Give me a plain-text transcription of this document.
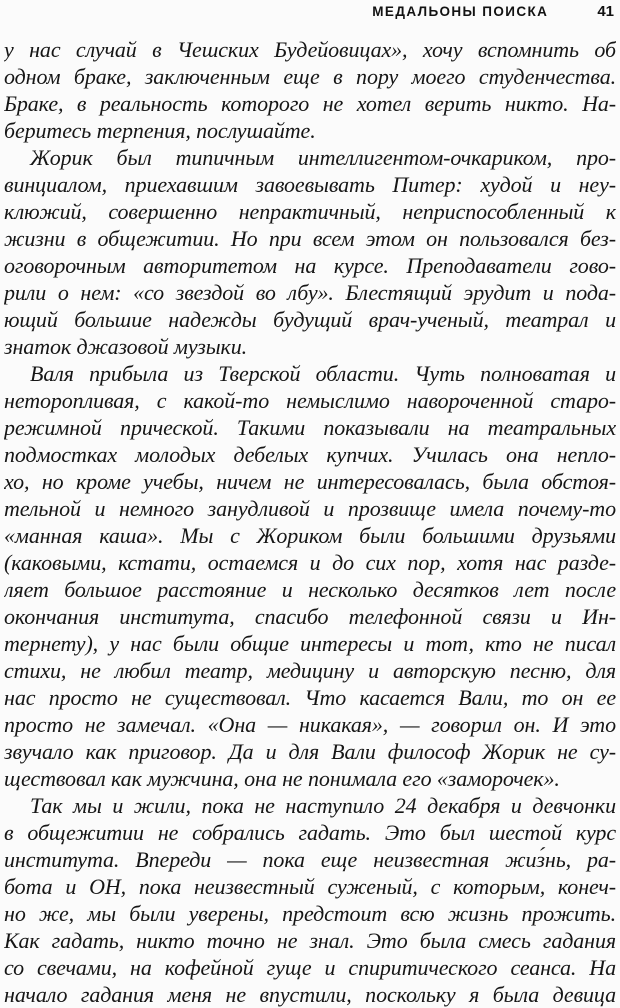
МЕДАЛЬОНЫ ПОИСКА	41
у нас случай в Чешских Будейовицах», хочу вспомнить об
одном браке, заключенным еще в пору моего студенчества.
Браке, в реальность которого не хотел верить никто. На-
беритесь терпения, послушайте.
Жорик был типичным интеллигентом-очкариком, про-
винциалом, приехавшим завоевывать Питер: худой и неу-
клюжий, совершенно непрактичный, неприспособленный к
жизни в общежитии. Но при всем этом он пользовался без-
оговорочным авторитетом на курсе. Преподаватели гово-
рили о нем: «со звездой во лбу». Блестящий эрудит и пода-
ющий большие надежды будущий врач-ученый, театрал и
знаток джазовой музыки.
Валя прибыла из Тверской области. Чуть полноватая и
неторопливая, с какой-то немыслимо навороченной старо-
режимной прической. Такими показывали на театральных
подмостках молодых дебелых купчих. Училась она непло-
хо, но кроме учебы, ничем не интересовалась, была обстоя-
тельной и немного занудливой и прозвище имела почему-то
«манная каша». Мы с Жориком были большими друзьями
(каковыми, кстати, остаемся и до сих пор, хотя нас разде-
ляет большое расстояние и несколько десятков лет после
окончания института, спасибо телефонной связи и Ин-
тернету), у нас были общие интересы и тот, кто не писал
стихи, не любил театр, медицину и авторскую песню, для
нас просто не существовал. Что касается Вали, то он ее
просто не замечал. «Она — никакая», — говорил он. И это
звучало как приговор. Да и для Вали философ Жорик не су-
ществовал как мужчина, она не понимала его «заморочек».
Так мы и жили, пока не наступило 24 декабря и девчонки
в общежитии не собрались гадать. Это был шестой курс
института. Впереди — пока еще неизвестная жиз́нь, ра-
бота и ОН, пока неизвестный суженый, с которым, конеч-
но же, мы были уверены, предстоит всю жизнь прожить.
Как гадать, никто точно не знал. Это была смесь гадания
со свечами, на кофейной гуще и спиритического сеанса. На
начало гадания меня не впустили, поскольку я была девица
